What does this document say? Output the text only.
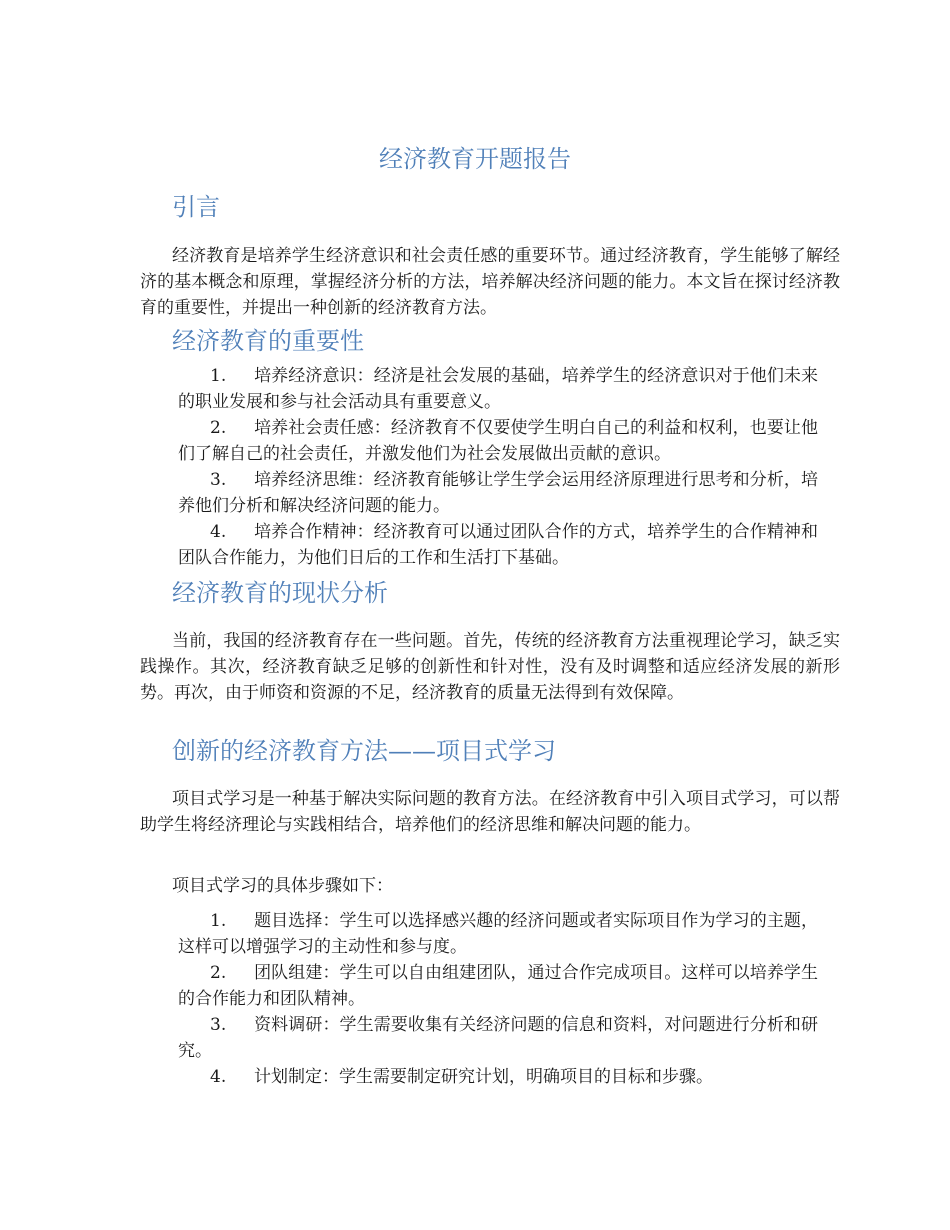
经济教育开题报告
引言

经济教育是培养学生经济意识和社会责任感的重要环节。通过经济教育，学生能够了解经济的基本概念和原理，掌握经济分析的方法，培养解决经济问题的能力。本文旨在探讨经济教育的重要性，并提出一种创新的经济教育方法。

经济教育的重要性
1. 培养经济意识：经济是社会发展的基础，培养学生的经济意识对于他们未来的职业发展和参与社会活动具有重要意义。
2. 培养社会责任感：经济教育不仅要使学生明白自己的利益和权利，也要让他们了解自己的社会责任，并激发他们为社会发展做出贡献的意识。
3. 培养经济思维：经济教育能够让学生学会运用经济原理进行思考和分析，培养他们分析和解决经济问题的能力。
4. 培养合作精神：经济教育可以通过团队合作的方式，培养学生的合作精神和团队合作能力，为他们日后的工作和生活打下基础。
经济教育的现状分析

当前，我国的经济教育存在一些问题。首先，传统的经济教育方法重视理论学习，缺乏实践操作。其次，经济教育缺乏足够的创新性和针对性，没有及时调整和适应经济发展的新形势。再次，由于师资和资源的不足，经济教育的质量无法得到有效保障。

创新的经济教育方法——项目式学习

项目式学习是一种基于解决实际问题的教育方法。在经济教育中引入项目式学习，可以帮助学生将经济理论与实践相结合，培养他们的经济思维和解决问题的能力。

项目式学习的具体步骤如下：

1. 题目选择：学生可以选择感兴趣的经济问题或者实际项目作为学习的主题，这样可以增强学习的主动性和参与度。
2. 团队组建：学生可以自由组建团队，通过合作完成项目。这样可以培养学生的合作能力和团队精神。
3. 资料调研：学生需要收集有关经济问题的信息和资料，对问题进行分析和研究。
4. 计划制定：学生需要制定研究计划，明确项目的目标和步骤。
